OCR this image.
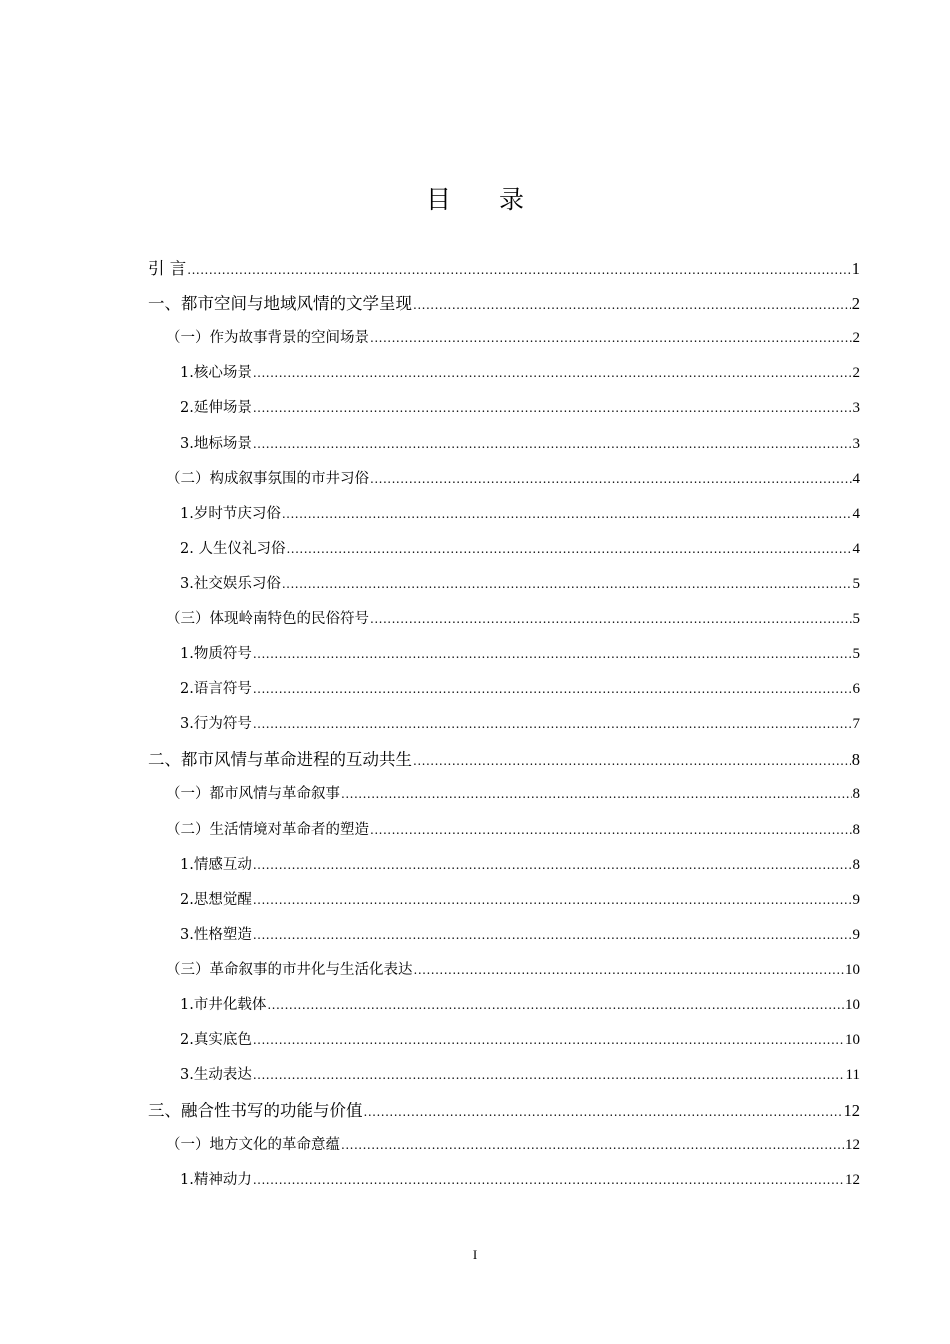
目 录
引 言 .....	1
一、都市空间与地域风情的文学呈现 .....	2
（一）作为故事背景的空间场景 .....	2
1.核心场景 .....	2
2.延伸场景 .....	3
3.地标场景 .....	3
（二）构成叙事氛围的市井习俗 .....	4
1.岁时节庆习俗 .....	4
2. 人生仪礼习俗 .....	4
3.社交娱乐习俗 .....	5
（三）体现岭南特色的民俗符号 .....	5
1.物质符号 .....	5
2.语言符号 .....	6
3.行为符号 .....	7
二、都市风情与革命进程的互动共生 .....	8
（一）都市风情与革命叙事 .....	8
（二）生活情境对革命者的塑造 .....	8
1.情感互动 .....	8
2.思想觉醒 .....	9
3.性格塑造 .....	9
（三）革命叙事的市井化与生活化表达 .....	10
1.市井化载体 .....	10
2.真实底色 .....	10
3.生动表达 .....	11
三、融合性书写的功能与价值 .....	12
（一）地方文化的革命意蕴 .....	12
1.精神动力 .....	12
I
